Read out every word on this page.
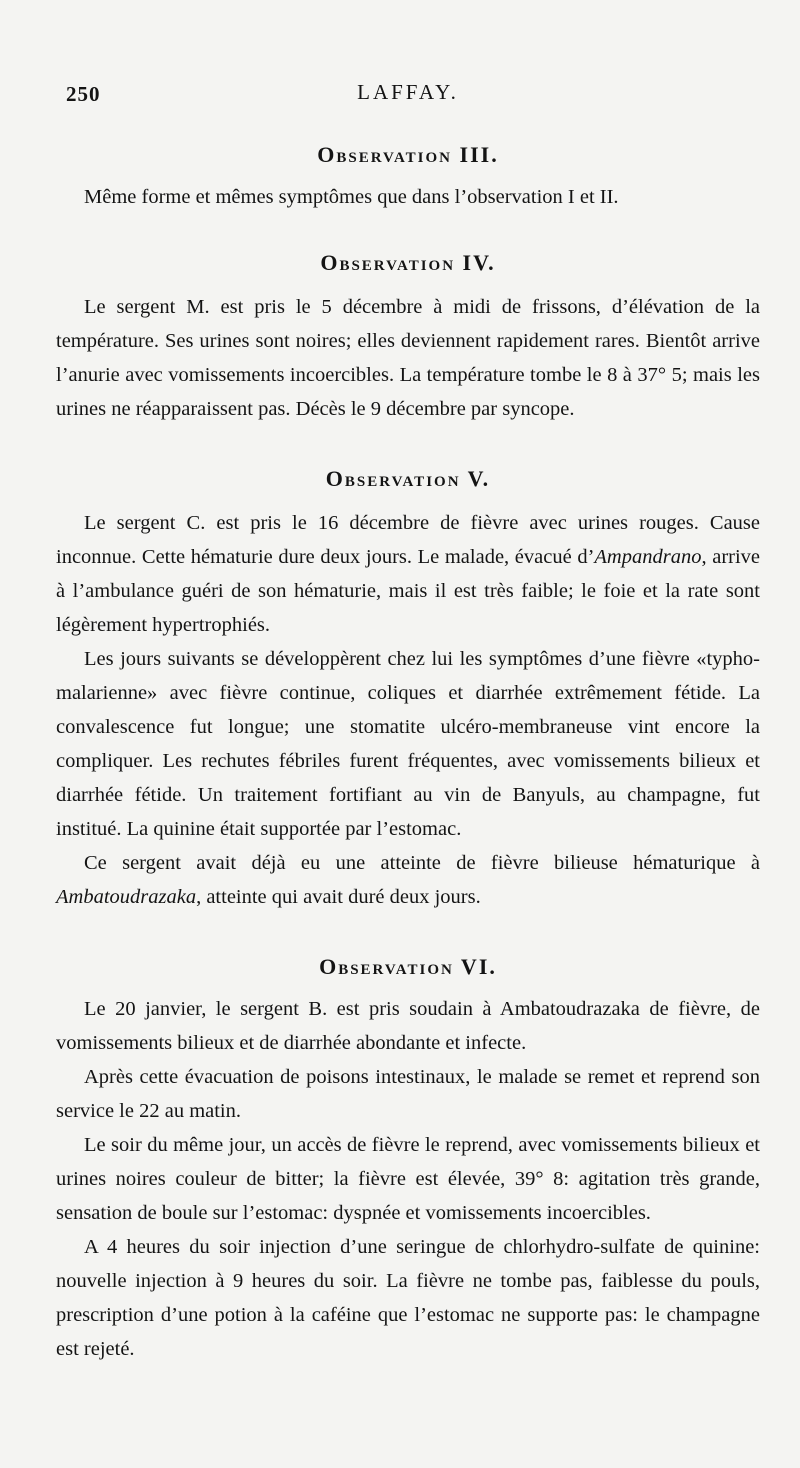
250	LAFFAY.
Observation III.

Même forme et mêmes symptômes que dans l’observation I et II.

Observation IV.

Le sergent M. est pris le 5 décembre à midi de frissons, d’élévation de la température. Ses urines sont noires; elles deviennent rapidement rares. Bientôt arrive l’anurie avec vomissements incoercibles. La température tombe le 8 à 37° 5; mais les urines ne réapparaissent pas. Décès le 9 décembre par syncope.

Observation V.

Le sergent C. est pris le 16 décembre de fièvre avec urines rouges. Cause inconnue. Cette hématurie dure deux jours. Le malade, évacué d’Ampandrano, arrive à l’ambulance guéri de son hématurie, mais il est très faible; le foie et la rate sont légèrement hypertrophiés.

Les jours suivants se développèrent chez lui les symptômes d’une fièvre «typho-malarienne» avec fièvre continue, coliques et diarrhée extrêmement fétide. La convalescence fut longue; une stomatite ulcéro-membraneuse vint encore la compliquer. Les rechutes fébriles furent fréquentes, avec vomissements bilieux et diarrhée fétide. Un traitement fortifiant au vin de Banyuls, au champagne, fut institué. La quinine était supportée par l’estomac.

Ce sergent avait déjà eu une atteinte de fièvre bilieuse hématurique à Ambatoudrazaka, atteinte qui avait duré deux jours.

Observation VI.

Le 20 janvier, le sergent B. est pris soudain à Ambatoudrazaka de fièvre, de vomissements bilieux et de diarrhée abondante et infecte.

Après cette évacuation de poisons intestinaux, le malade se remet et reprend son service le 22 au matin.

Le soir du même jour, un accès de fièvre le reprend, avec vomissements bilieux et urines noires couleur de bitter; la fièvre est élevée, 39° 8: agitation très grande, sensation de boule sur l’estomac: dyspnée et vomissements incoercibles.

A 4 heures du soir injection d’une seringue de chlorhydro-sulfate de quinine: nouvelle injection à 9 heures du soir. La fièvre ne tombe pas, faiblesse du pouls, prescription d’une potion à la caféine que l’estomac ne supporte pas: le champagne est rejeté.
